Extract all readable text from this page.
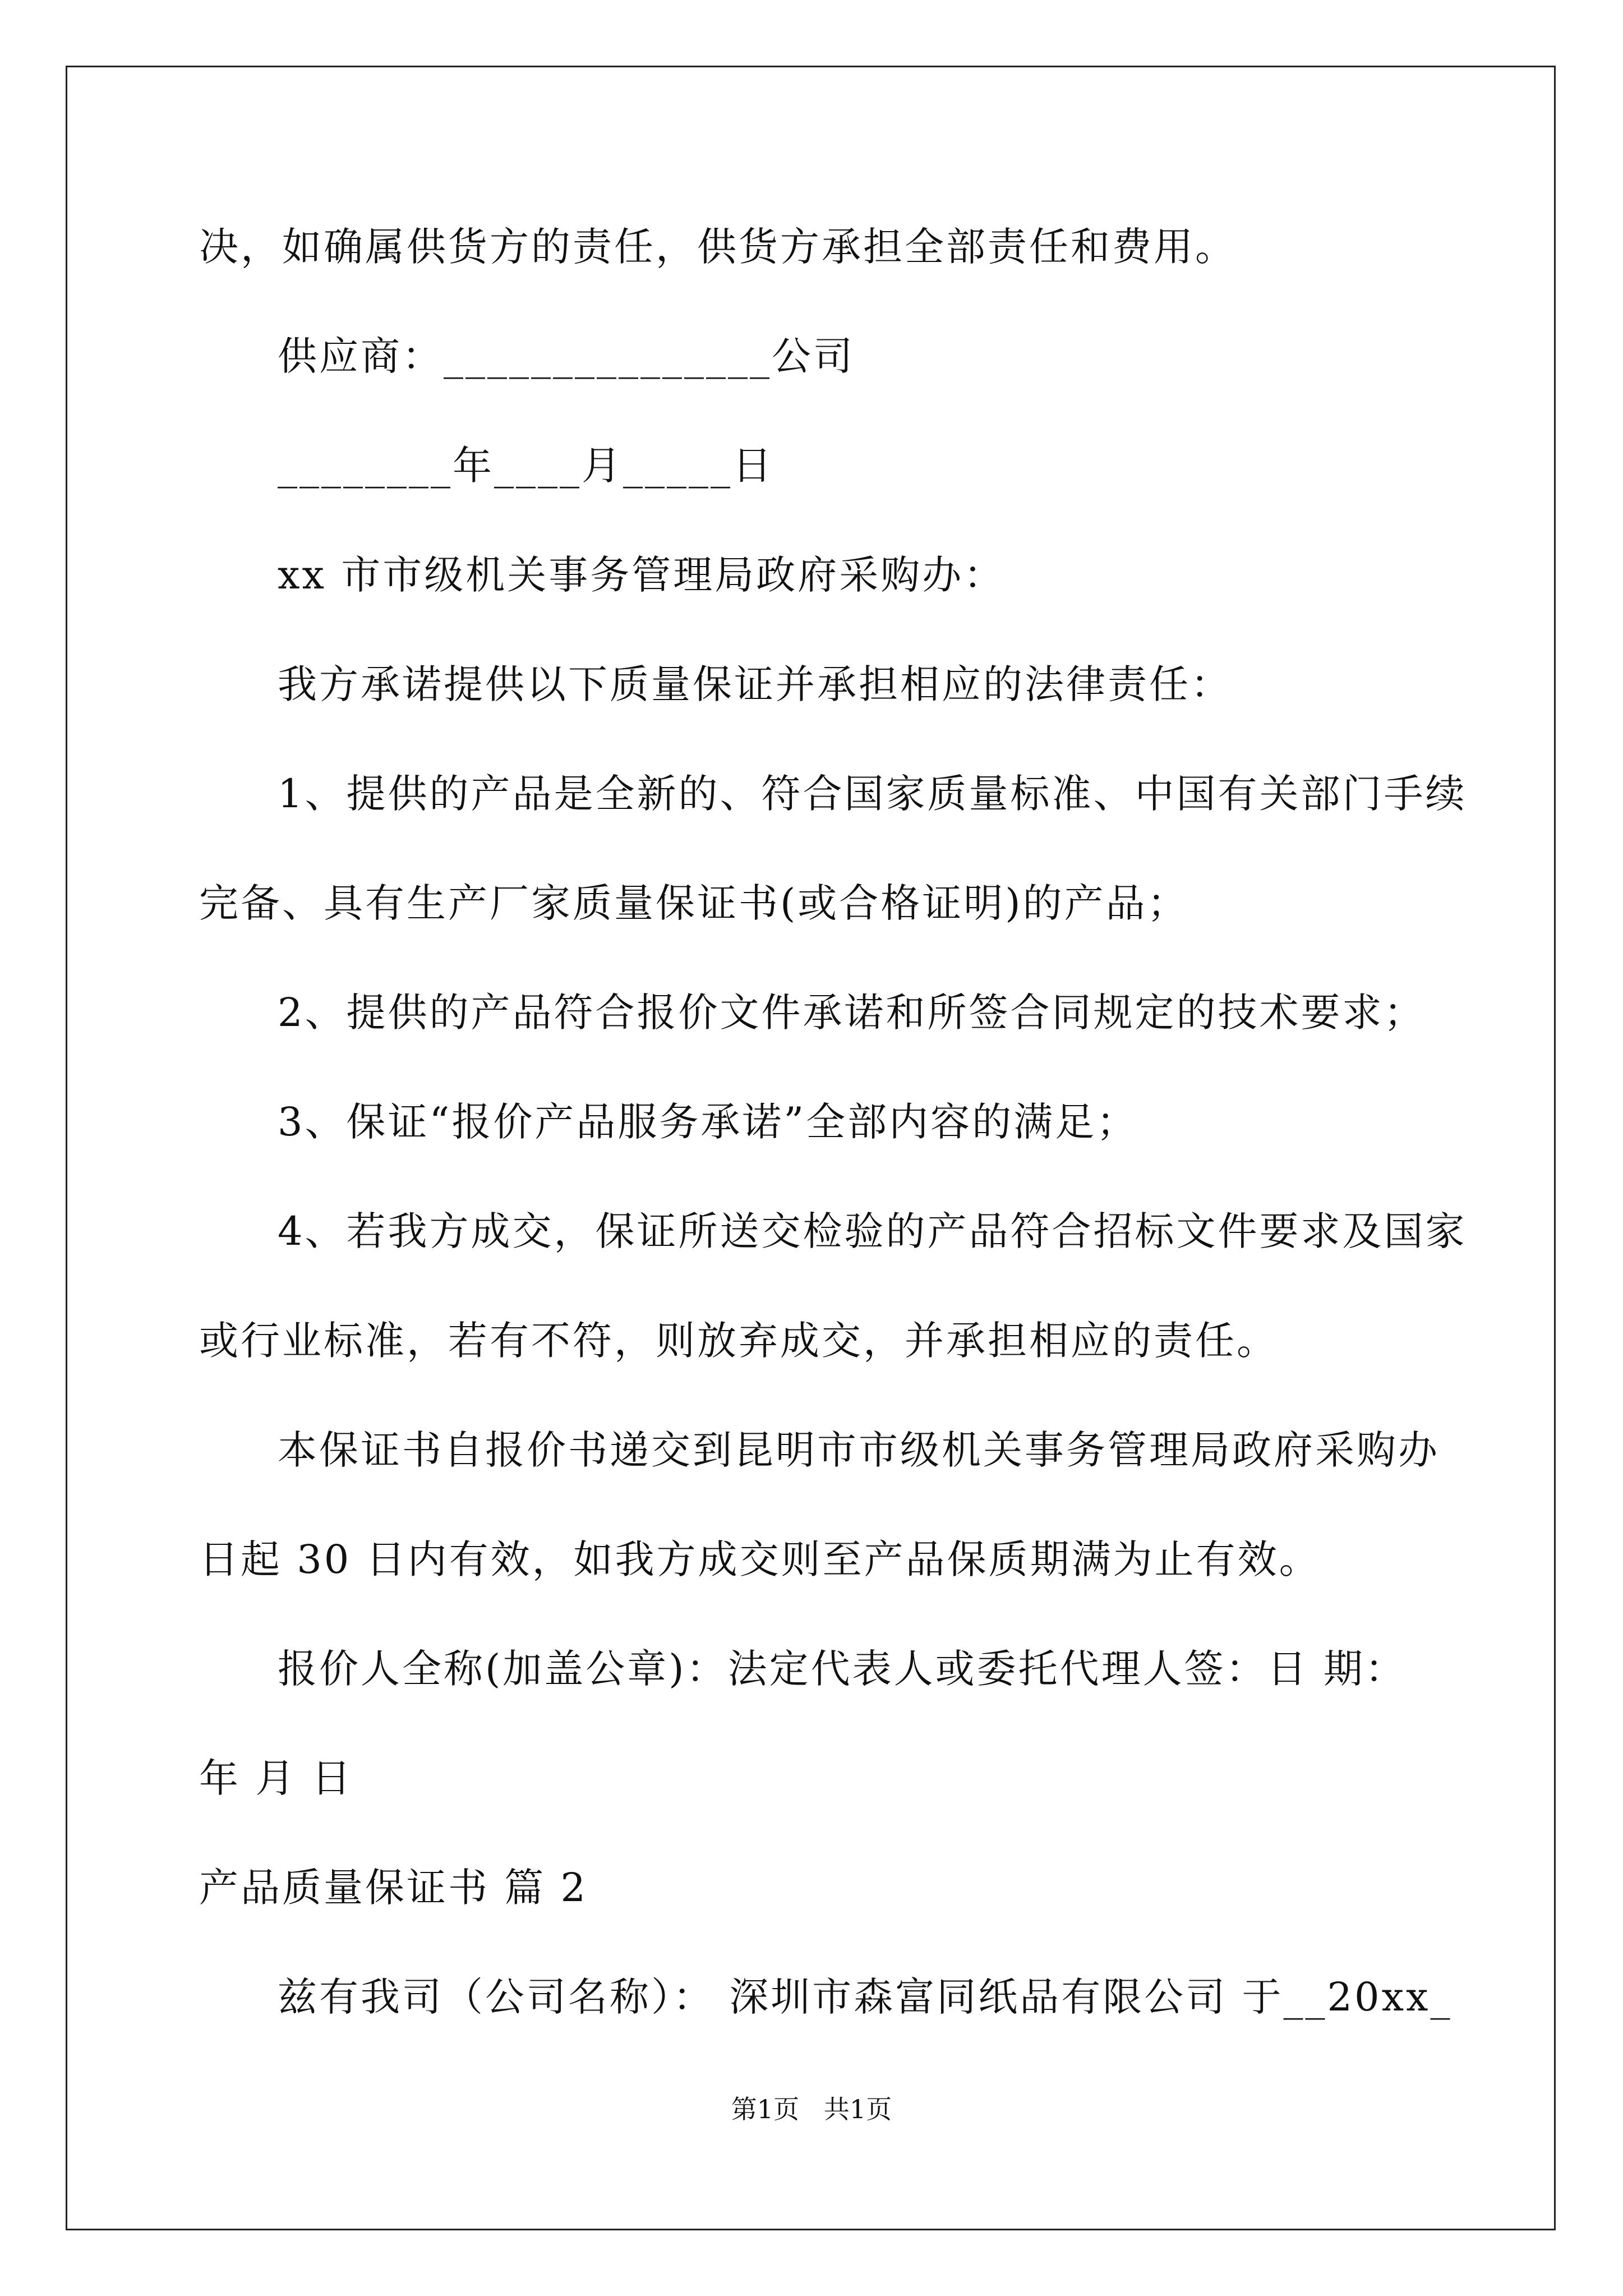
决，如确属供货方的责任，供货方承担全部责任和费用。

供应商：_______________公司

________年____月_____日

xx 市市级机关事务管理局政府采购办：

我方承诺提供以下质量保证并承担相应的法律责任：

1、提供的产品是全新的、符合国家质量标准、中国有关部门手续

完备、具有生产厂家质量保证书(或合格证明)的产品；

2、提供的产品符合报价文件承诺和所签合同规定的技术要求；

3、保证“报价产品服务承诺”全部内容的满足；

4、若我方成交，保证所送交检验的产品符合招标文件要求及国家

或行业标准，若有不符，则放弃成交，并承担相应的责任。

本保证书自报价书递交到昆明市市级机关事务管理局政府采购办

日起 30 日内有效，如我方成交则至产品保质期满为止有效。

报价人全称(加盖公章)：法定代表人或委托代理人签：日 期：

年 月 日

产品质量保证书 篇 2

兹有我司（公司名称）： 深圳市森富同纸品有限公司 于__20xx_

第1页   共1页
